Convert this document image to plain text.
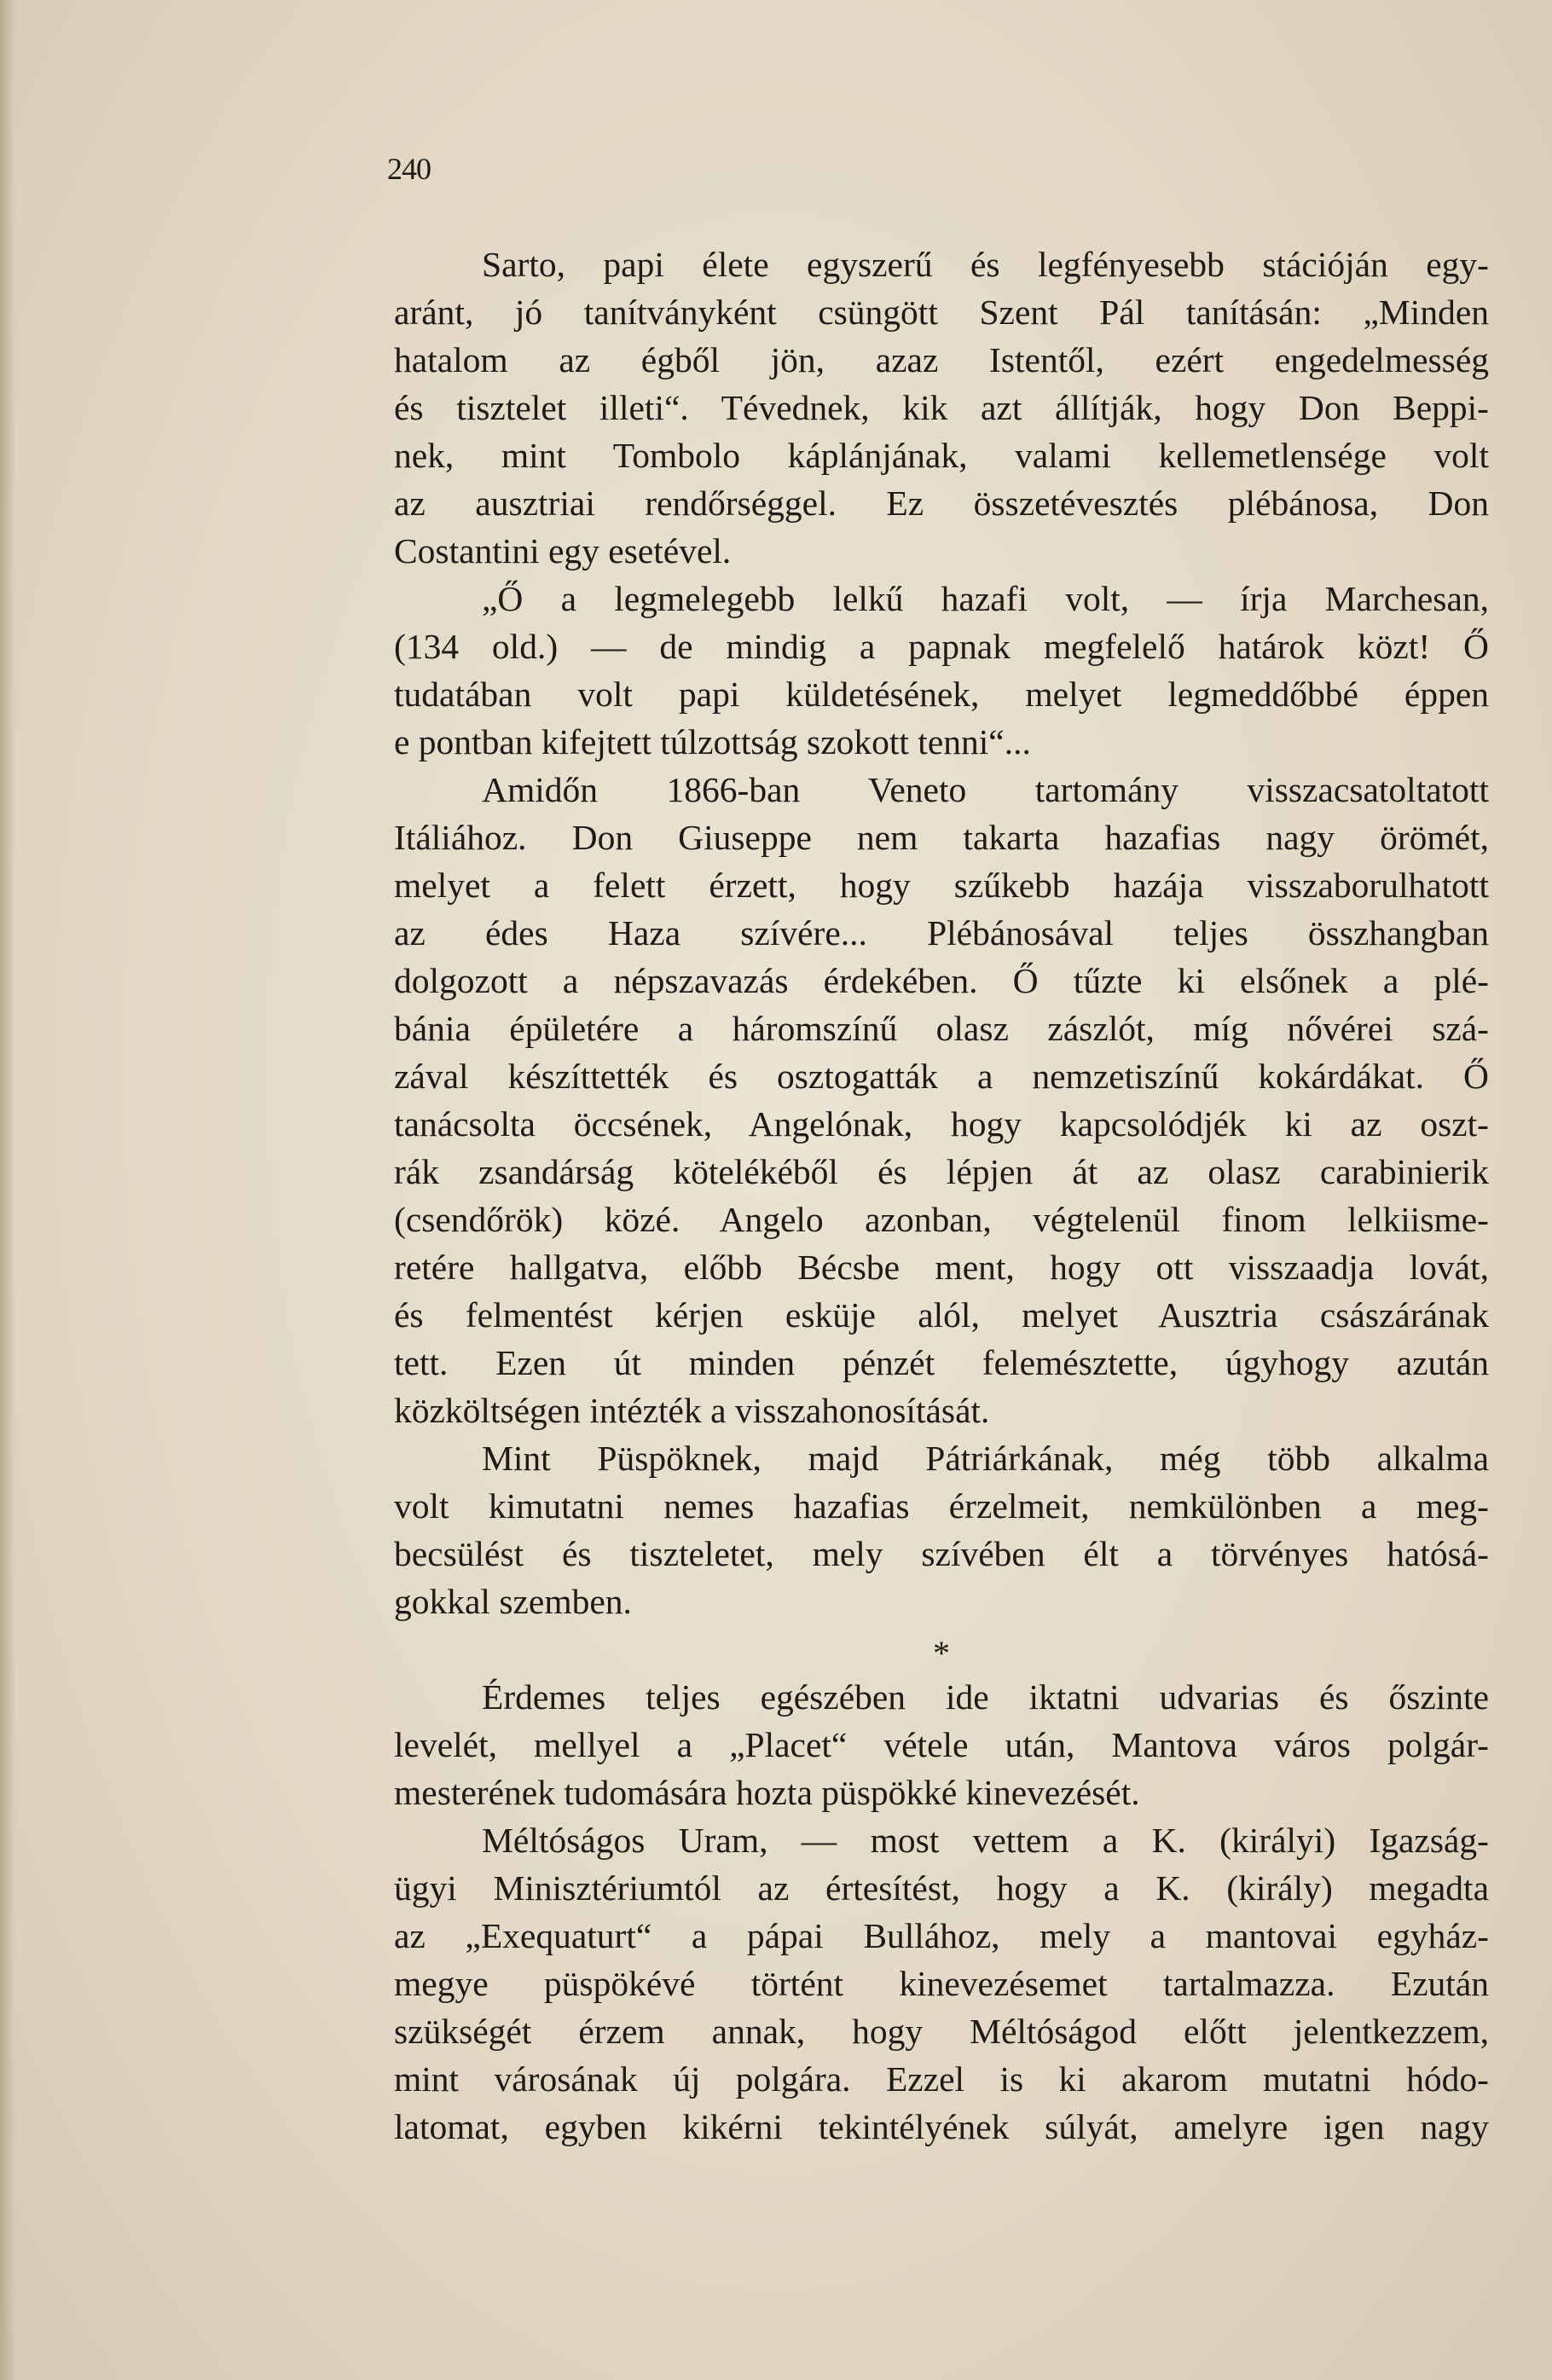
240
Sarto, papi élete egyszerű és legfényesebb stációján egy-
aránt, jó tanítványként csüngött Szent Pál tanításán: „Minden
hatalom az égből jön, azaz Istentől, ezért engedelmesség
és tisztelet illeti“. Tévednek, kik azt állítják, hogy Don Beppi-
nek, mint Tombolo káplánjának, valami kellemetlensége volt
az ausztriai rendőrséggel. Ez összetévesztés plébánosa, Don
Costantini egy esetével.
„Ő a legmelegebb lelkű hazafi volt, — írja Marchesan,
(134 old.) — de mindig a papnak megfelelő határok közt! Ő
tudatában volt papi küldetésének, melyet legmeddőbbé éppen
e pontban kifejtett túlzottság szokott tenni“...
Amidőn 1866-ban Veneto tartomány visszacsatoltatott
Itáliához. Don Giuseppe nem takarta hazafias nagy örömét,
melyet a felett érzett, hogy szűkebb hazája visszaborulhatott
az édes Haza szívére... Plébánosával teljes összhangban
dolgozott a népszavazás érdekében. Ő tűzte ki elsőnek a plé-
bánia épületére a háromszínű olasz zászlót, míg nővérei szá-
zával készíttették és osztogatták a nemzetiszínű kokárdákat. Ő
tanácsolta öccsének, Angelónak, hogy kapcsolódjék ki az oszt-
rák zsandárság kötelékéből és lépjen át az olasz carabinierik
(csendőrök) közé. Angelo azonban, végtelenül finom lelkiisme-
retére hallgatva, előbb Bécsbe ment, hogy ott visszaadja lovát,
és felmentést kérjen esküje alól, melyet Ausztria császárának
tett. Ezen út minden pénzét felemésztette, úgyhogy azután
közköltségen intézték a visszahonosítását.
Mint Püspöknek, majd Pátriárkának, még több alkalma
volt kimutatni nemes hazafias érzelmeit, nemkülönben a meg-
becsülést és tiszteletet, mely szívében élt a törvényes hatósá-
gokkal szemben.
*
Érdemes teljes egészében ide iktatni udvarias és őszinte
levelét, mellyel a „Placet“ vétele után, Mantova város polgár-
mesterének tudomására hozta püspökké kinevezését.
Méltóságos Uram, — most vettem a K. (királyi) Igazság-
ügyi Minisztériumtól az értesítést, hogy a K. (király) megadta
az „Exequaturt“ a pápai Bullához, mely a mantovai egyház-
megye püspökévé történt kinevezésemet tartalmazza. Ezután
szükségét érzem annak, hogy Méltóságod előtt jelentkezzem,
mint városának új polgára. Ezzel is ki akarom mutatni hódo-
latomat, egyben kikérni tekintélyének súlyát, amelyre igen nagy
